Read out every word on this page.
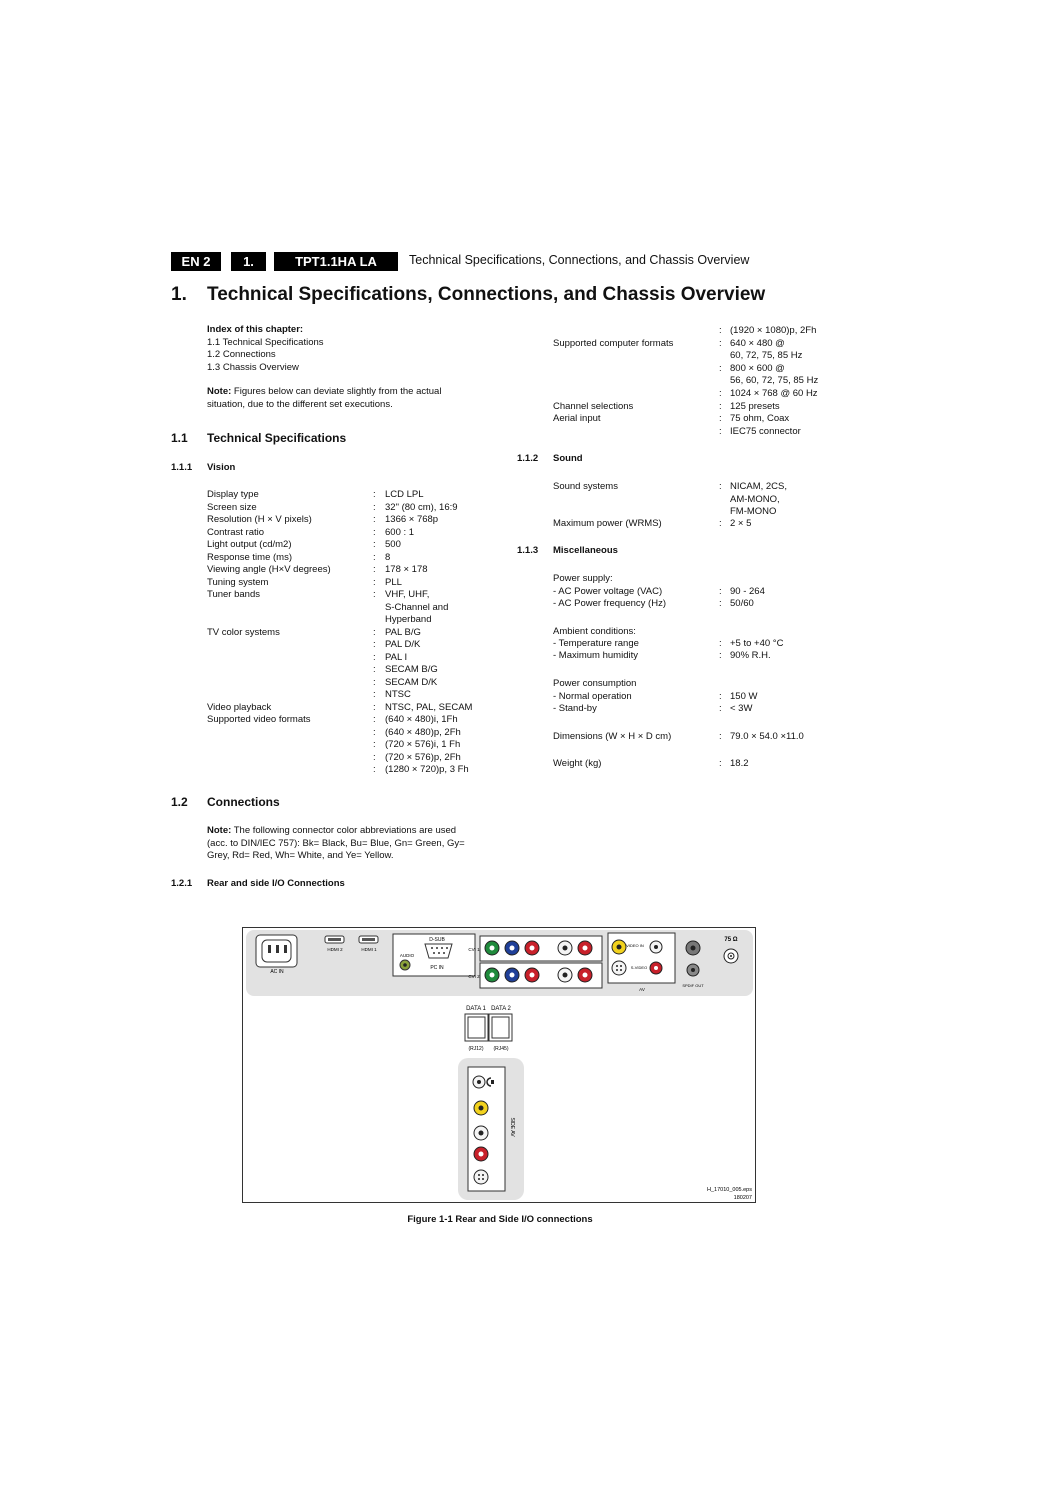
EN 2	1.	TPT1.1HA LA	Technical Specifications, Connections, and Chassis Overview
1. Technical Specifications, Connections, and Chassis Overview
Index of this chapter:
1.1 Technical Specifications
1.2 Connections
1.3 Chassis Overview
Note: Figures below can deviate slightly from the actual
situation, due to the different set executions.
1.1 Technical Specifications
1.1.1 Vision
Display type	: LCD LPL
Screen size	: 32" (80 cm), 16:9
Resolution (H × V pixels)	: 1366 × 768p
Contrast ratio	: 600 : 1
Light output (cd/m2)	: 500
Response time (ms)	: 8
Viewing angle (H×V degrees)	: 178 × 178
Tuning system	: PLL
Tuner bands	: VHF, UHF,
S-Channel and
Hyperband
TV color systems	: PAL B/G
: PAL D/K
: PAL I
: SECAM B/G
: SECAM D/K
: NTSC
Video playback	: NTSC, PAL, SECAM
Supported video formats	: (640 × 480)i, 1Fh
: (640 × 480)p, 2Fh
: (720 × 576)i, 1 Fh
: (720 × 576)p, 2Fh
: (1280 × 720)p, 3 Fh
1.2 Connections
Note: The following connector color abbreviations are used
(acc. to DIN/IEC 757): Bk= Black, Bu= Blue, Gn= Green, Gy=
Grey, Rd= Red, Wh= White, and Ye= Yellow.
1.2.1 Rear and side I/O Connections
: (1920 × 1080)p, 2Fh
Supported computer formats	: 640 × 480 @
60, 72, 75, 85 Hz
: 800 × 600 @
56, 60, 72, 75, 85 Hz
: 1024 × 768 @ 60 Hz
Channel selections	: 125 presets
Aerial input	: 75 ohm, Coax
: IEC75 connector
1.1.2 Sound
Sound systems	: NICAM, 2CS,
AM-MONO,
FM-MONO
Maximum power (WRMS)	: 2 × 5
1.1.3 Miscellaneous
Power supply:
- AC Power voltage (VAC)	: 90 - 264
- AC Power frequency (Hz)	: 50/60
Ambient conditions:
- Temperature range	: +5 to +40 °C
- Maximum humidity	: 90% R.H.
Power consumption
- Normal operation	: 150 W
- Stand-by	: < 3W
Dimensions (W × H × D cm)	: 79.0 × 54.0 ×11.0
Weight (kg)	: 18.2
AC IN
HDMI 2	HDMI 1
D-SUB
AUDIO
PC IN
CVI 1
CVI 2
VIDEO IN
S-VIDEO
AV
SPDIF OUT
75 Ω
DATA 1 DATA 2
(RJ12) (RJ45)
SIDE AV
H_17010_005.eps
180207
Figure 1-1 Rear and Side I/O connections
